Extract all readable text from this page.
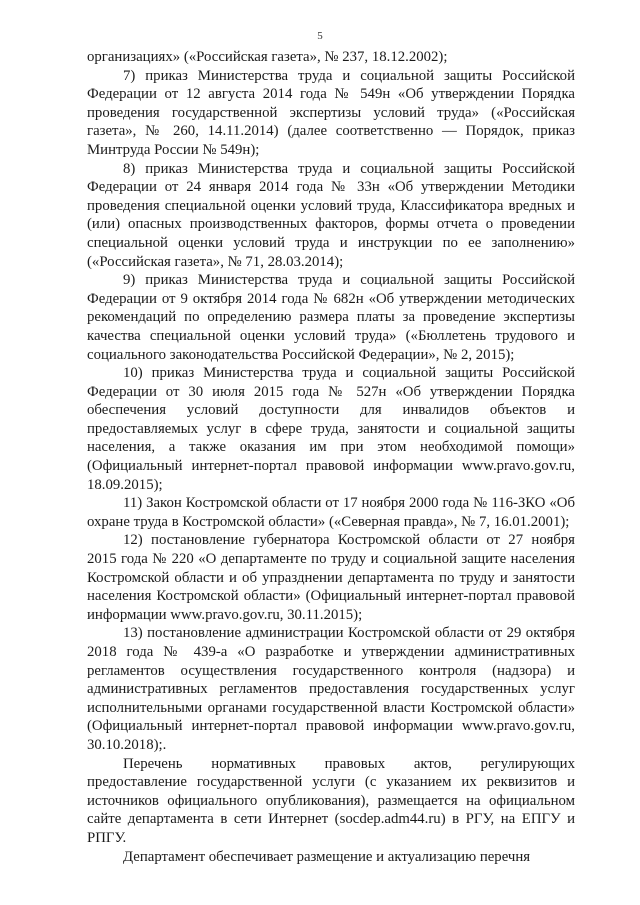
5

организациях» («Российская газета», № 237, 18.12.2002);

7) приказ Министерства труда и социальной защиты Российской Федерации от 12 августа 2014 года № 549н «Об утверждении Порядка проведения государственной экспертизы условий труда» («Российская газета», № 260, 14.11.2014) (далее соответственно — Порядок, приказ Минтруда России № 549н);

8) приказ Министерства труда и социальной защиты Российской Федерации от 24 января 2014 года № 33н «Об утверждении Методики проведения специальной оценки условий труда, Классификатора вредных и (или) опасных производственных факторов, формы отчета о проведении специальной оценки условий труда и инструкции по ее заполнению» («Российская газета», № 71, 28.03.2014);

9) приказ Министерства труда и социальной защиты Российской Федерации от 9 октября 2014 года № 682н «Об утверждении методических рекомендаций по определению размера платы за проведение экспертизы качества специальной оценки условий труда» («Бюллетень трудового и социального законодательства Российской Федерации», № 2, 2015);

10) приказ Министерства труда и социальной защиты Российской Федерации от 30 июля 2015 года № 527н «Об утверждении Порядка обеспечения условий доступности для инвалидов объектов и предоставляемых услуг в сфере труда, занятости и социальной защиты населения, а также оказания им при этом необходимой помощи» (Официальный интернет-портал правовой информации www.pravo.gov.ru, 18.09.2015);

11) Закон Костромской области от 17 ноября 2000 года № 116-ЗКО «Об охране труда в Костромской области» («Северная правда», № 7, 16.01.2001);

12) постановление губернатора Костромской области от 27 ноября 2015 года № 220 «О департаменте по труду и социальной защите населения Костромской области и об упразднении департамента по труду и занятости населения Костромской области» (Официальный интернет-портал правовой информации www.pravo.gov.ru, 30.11.2015);

13) постановление администрации Костромской области от 29 октября 2018 года № 439-а «О разработке и утверждении административных регламентов осуществления государственного контроля (надзора) и административных регламентов предоставления государственных услуг исполнительными органами государственной власти Костромской области» (Официальный интернет-портал правовой информации www.pravo.gov.ru, 30.10.2018);.

Перечень нормативных правовых актов, регулирующих предоставление государственной услуги (с указанием их реквизитов и источников официального опубликования), размещается на официальном сайте департамента в сети Интернет (socdep.adm44.ru) в РГУ, на ЕПГУ и РПГУ.

Департамент обеспечивает размещение и актуализацию перечня
